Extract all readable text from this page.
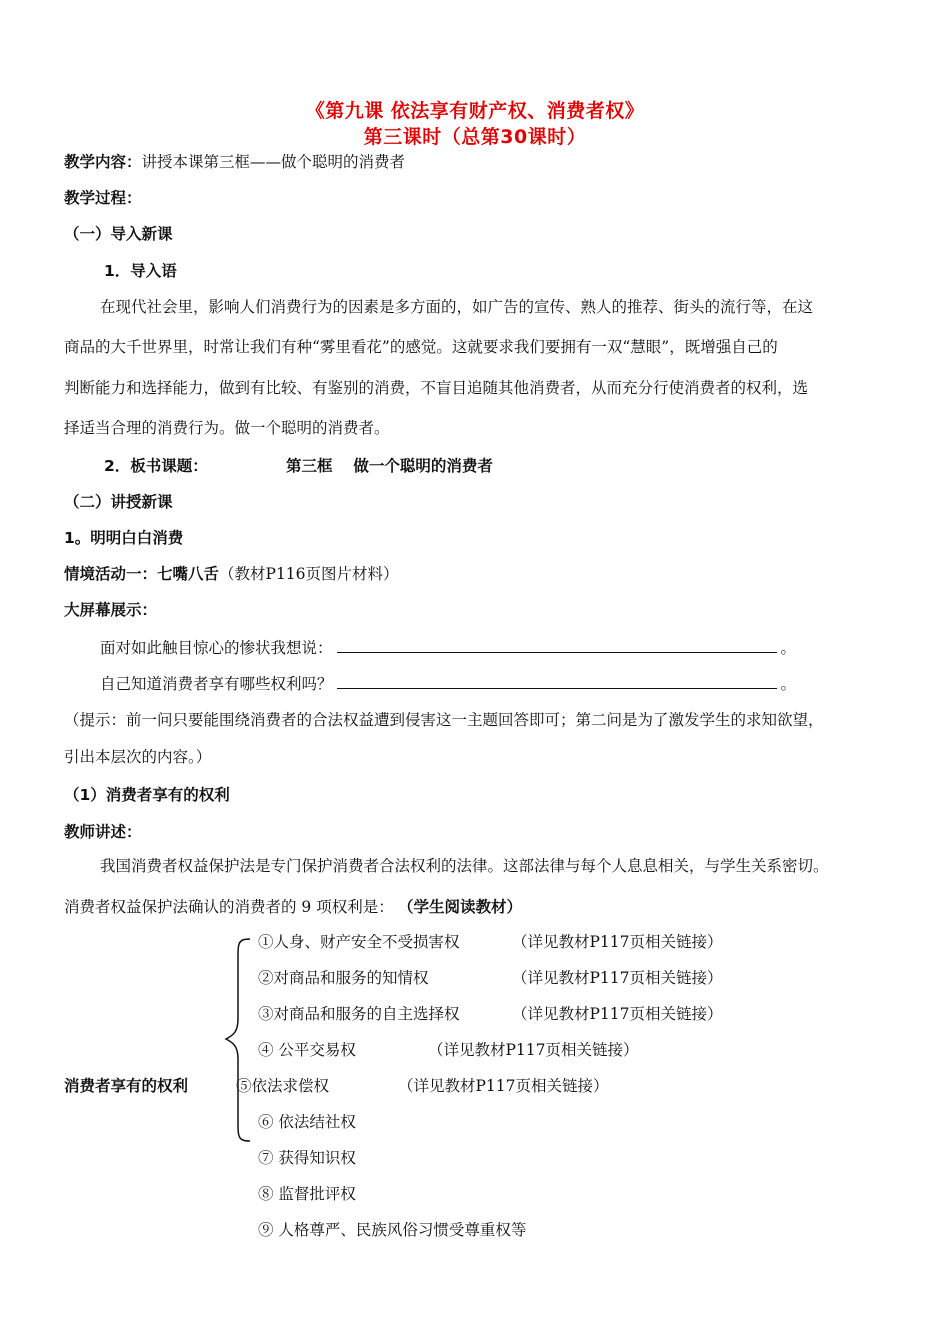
《第九课 依法享有财产权、消费者权》
第三课时（总第30课时）
教学内容：讲授本课第三框——做个聪明的消费者
教学过程：
（一）导入新课
1．导入语
在现代社会里，影响人们消费行为的因素是多方面的，如广告的宣传、熟人的推荐、街头的流行等，在这
商品的大千世界里，时常让我们有种“雾里看花”的感觉。这就要求我们要拥有一双“慧眼”，既增强自己的
判断能力和选择能力，做到有比较、有鉴别的消费，不盲目追随其他消费者，从而充分行使消费者的权利，选
择适当合理的消费行为。做一个聪明的消费者。
2．板书课题：	第三框　 做一个聪明的消费者
（二）讲授新课
1。明明白白消费
情境活动一：七嘴八舌（教材P116页图片材料）
大屏幕展示：
面对如此触目惊心的惨状我想说：	。
自己知道消费者享有哪些权利吗？	。
（提示：前一问只要能围绕消费者的合法权益遭到侵害这一主题回答即可；第二问是为了激发学生的求知欲望，
引出本层次的内容。）
（1）消费者享有的权利
教师讲述：
我国消费者权益保护法是专门保护消费者合法权利的法律。这部法律与每个人息息相关，与学生关系密切。
消费者权益保护法确认的消费者的 9 项权利是： （学生阅读教材）
消费者享有的权利
①人身、财产安全不受损害权	（详见教材P117页相关链接）
②对商品和服务的知情权	（详见教材P117页相关链接）
③对商品和服务的自主选择权	（详见教材P117页相关链接）
④ 公平交易权	（详见教材P117页相关链接）
⑤依法求偿权	（详见教材P117页相关链接）
⑥ 依法结社权
⑦ 获得知识权
⑧ 监督批评权
⑨ 人格尊严、民族风俗习惯受尊重权等
